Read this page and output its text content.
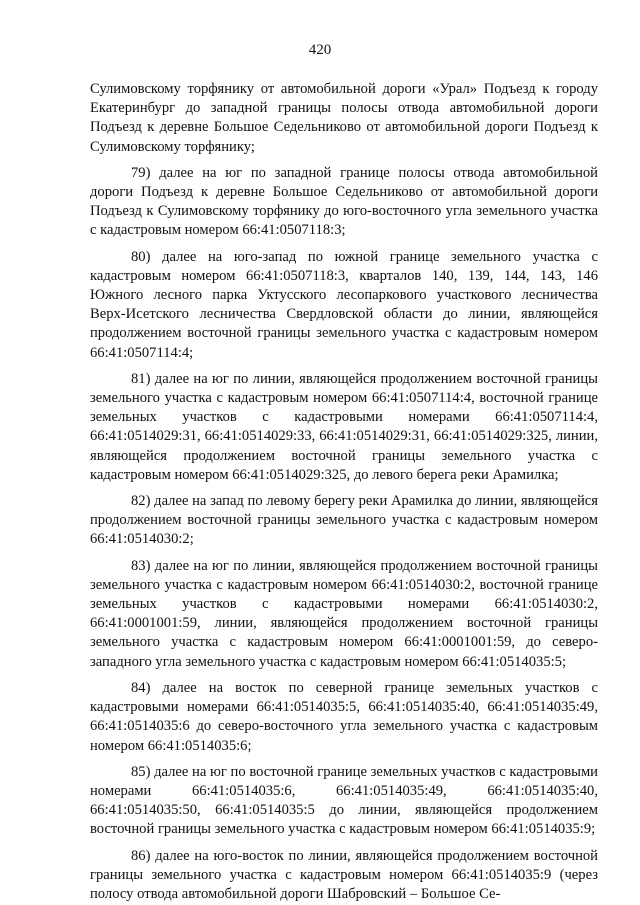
420

Сулимовскому торфянику от автомобильной дороги «Урал» Подъезд к городу Екатеринбург до западной границы полосы отвода автомобильной дороги Подъезд к деревне Большое Седельниково от автомобильной дороги Подъезд к Сулимовскому торфянику;

79) далее на юг по западной границе полосы отвода автомобильной дороги Подъезд к деревне Большое Седельниково от автомобильной дороги Подъезд к Сулимовскому торфянику до юго-восточного угла земельного участка с кадастровым номером 66:41:0507118:3;

80) далее на юго-запад по южной границе земельного участка с кадастровым номером 66:41:0507118:3, кварталов 140, 139, 144, 143, 146 Южного лесного парка Уктусского лесопаркового участкового лесничества Верх-Исетского лесничества Свердловской области до линии, являющейся продолжением восточной границы земельного участка с кадастровым номером 66:41:0507114:4;

81) далее на юг по линии, являющейся продолжением восточной границы земельного участка с кадастровым номером 66:41:0507114:4, восточной границе земельных участков с кадастровыми номерами 66:41:0507114:4, 66:41:0514029:31, 66:41:0514029:33, 66:41:0514029:31, 66:41:0514029:325, линии, являющейся продолжением восточной границы земельного участка с кадастровым номером 66:41:0514029:325, до левого берега реки Арамилка;

82) далее на запад по левому берегу реки Арамилка до линии, являющейся продолжением восточной границы земельного участка с кадастровым номером 66:41:0514030:2;

83) далее на юг по линии, являющейся продолжением восточной границы земельного участка с кадастровым номером 66:41:0514030:2, восточной границе земельных участков с кадастровыми номерами 66:41:0514030:2, 66:41:0001001:59, линии, являющейся продолжением восточной границы земельного участка с кадастровым номером 66:41:0001001:59, до северо-западного угла земельного участка с кадастровым номером 66:41:0514035:5;

84) далее на восток по северной границе земельных участков с кадастровыми номерами 66:41:0514035:5, 66:41:0514035:40, 66:41:0514035:49, 66:41:0514035:6 до северо-восточного угла земельного участка с кадастровым номером 66:41:0514035:6;

85) далее на юг по восточной границе земельных участков с кадастровыми номерами 66:41:0514035:6, 66:41:0514035:49, 66:41:0514035:40, 66:41:0514035:50, 66:41:0514035:5 до линии, являющейся продолжением восточной границы земельного участка с кадастровым номером 66:41:0514035:9;

86) далее на юго-восток по линии, являющейся продолжением восточной границы земельного участка с кадастровым номером 66:41:0514035:9 (через полосу отвода автомобильной дороги Шабровский – Большое Се-
